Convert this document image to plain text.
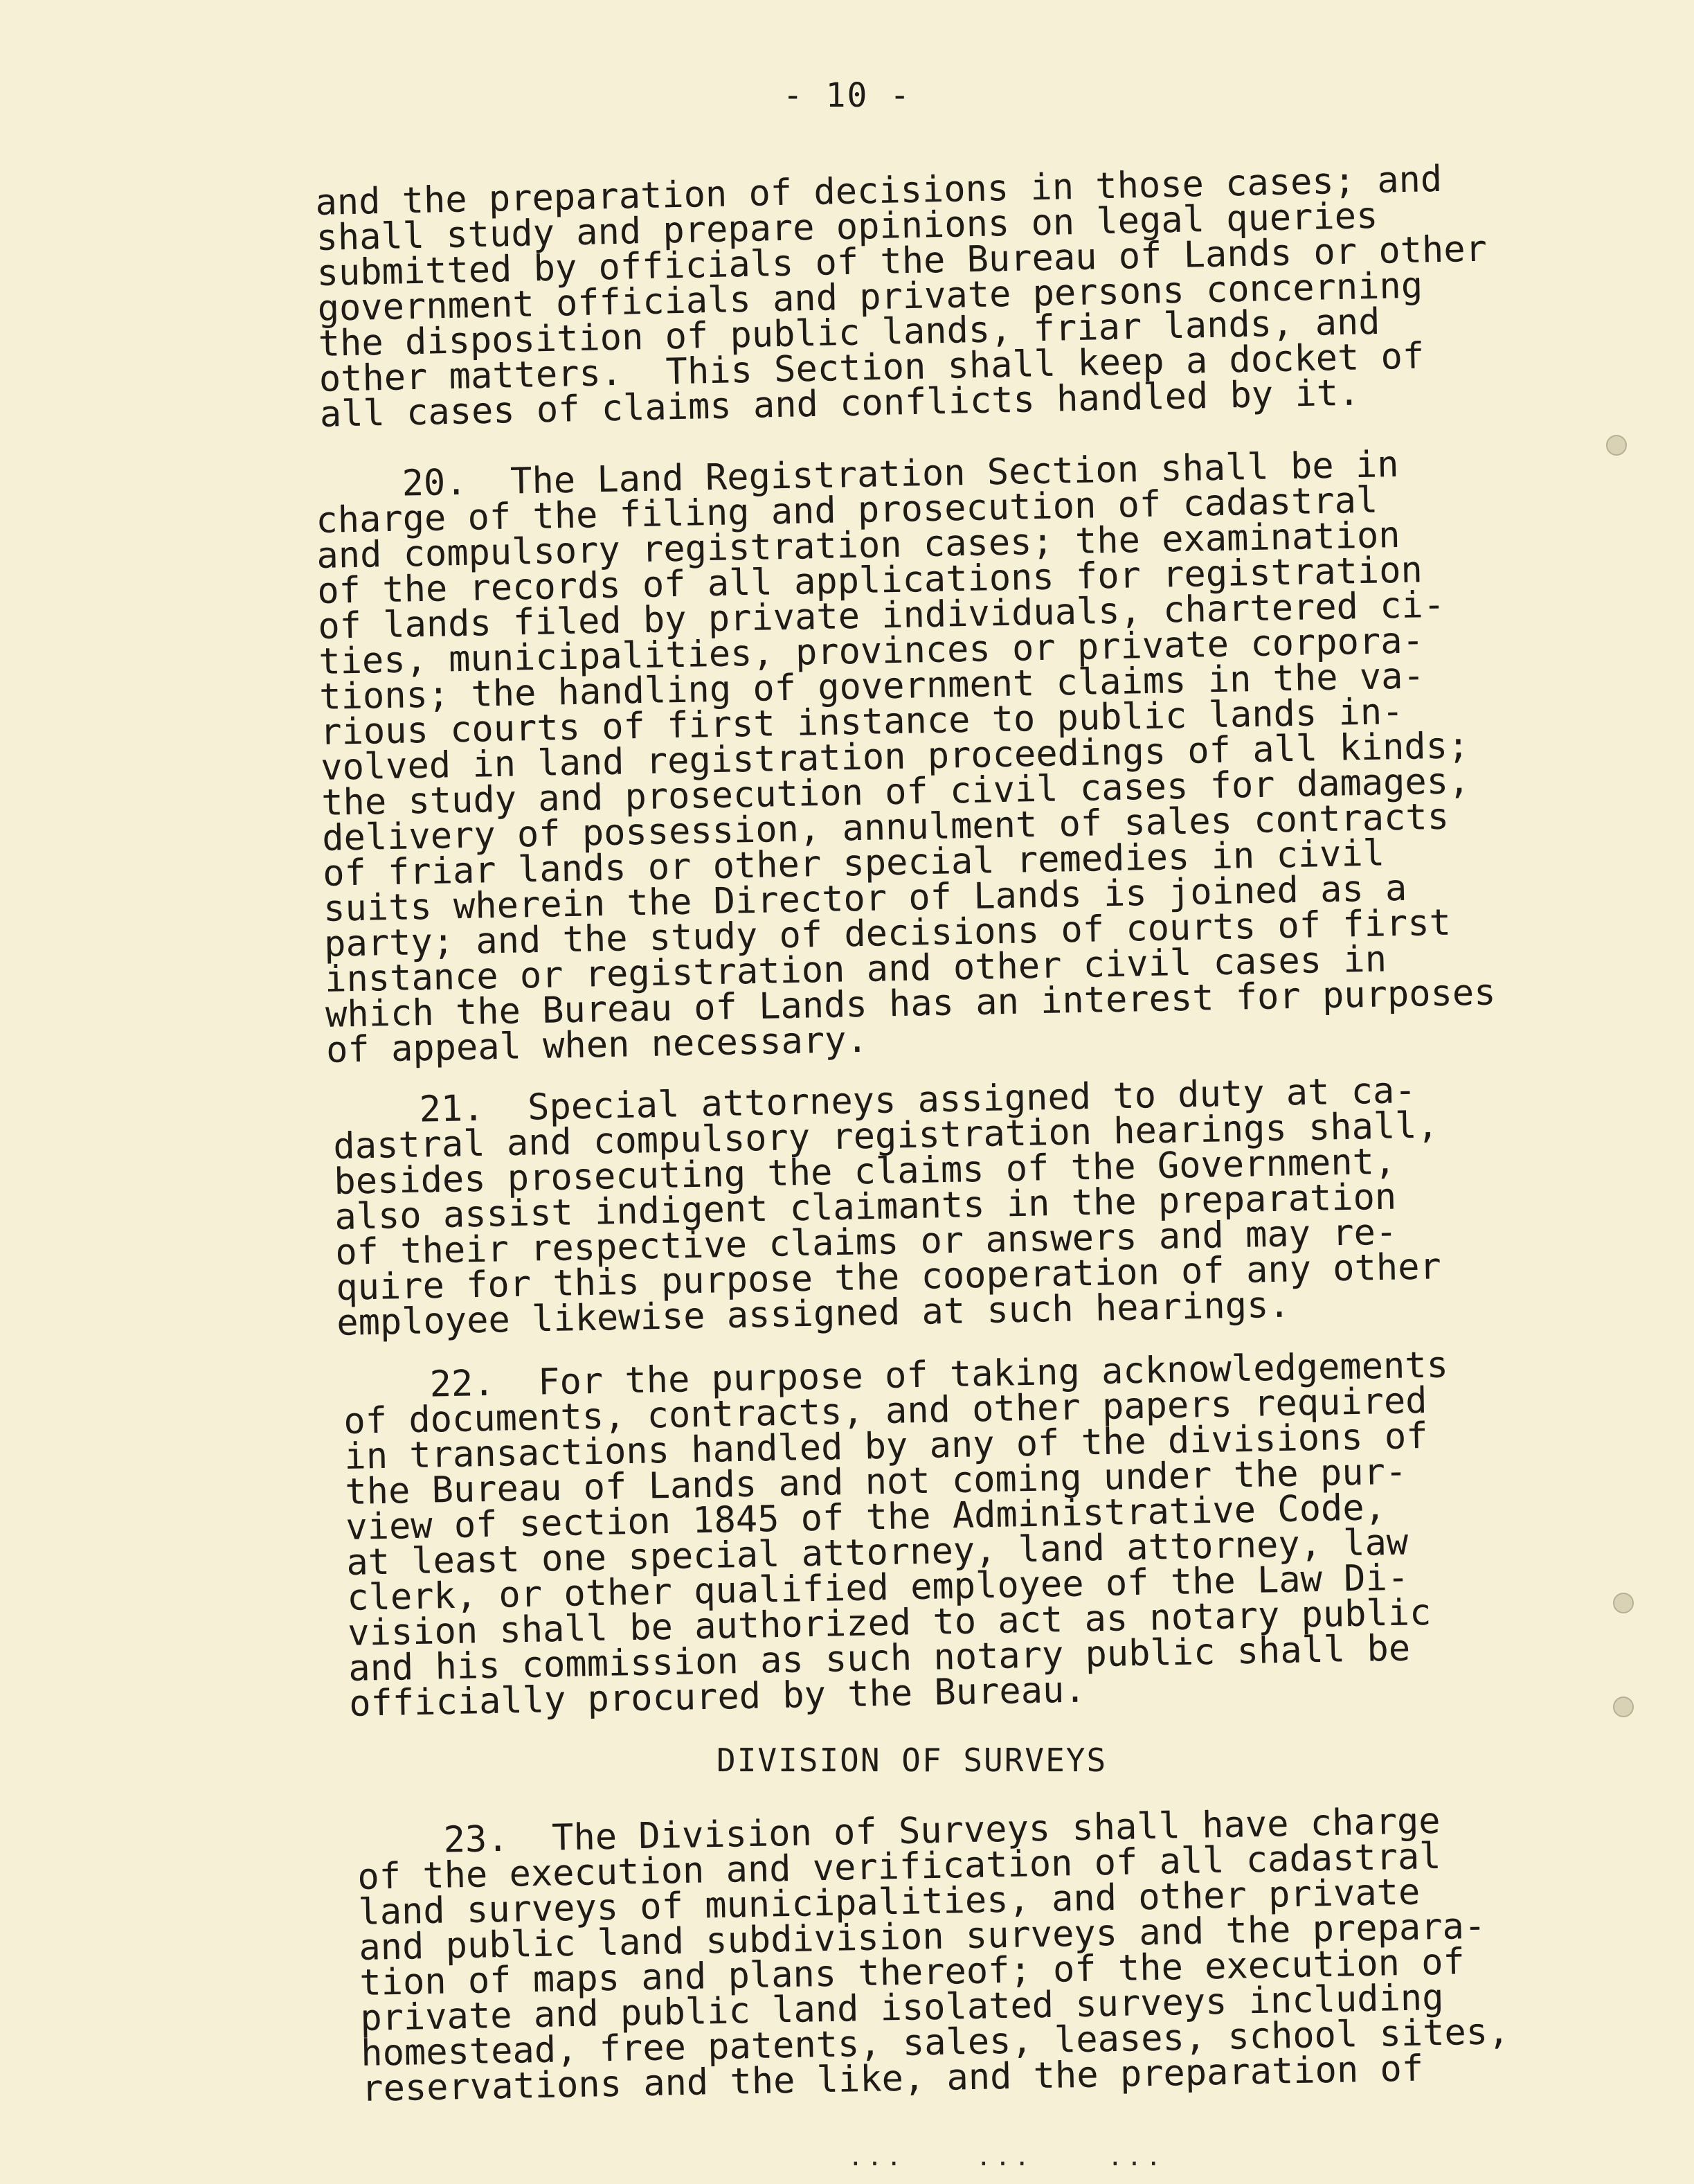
- 10 -

and the preparation of decisions in those cases; and
shall study and prepare opinions on legal queries
submitted by officials of the Bureau of Lands or other
government officials and private persons concerning
the disposition of public lands, friar lands, and
other matters.  This Section shall keep a docket of
all cases of claims and conflicts handled by it.

20.  The Land Registration Section shall be in
charge of the filing and prosecution of cadastral
and compulsory registration cases; the examination
of the records of all applications for registration
of lands filed by private individuals, chartered ci-
ties, municipalities, provinces or private corpora-
tions; the handling of government claims in the va-
rious courts of first instance to public lands in-
volved in land registration proceedings of all kinds;
the study and prosecution of civil cases for damages,
delivery of possession, annulment of sales contracts
of friar lands or other special remedies in civil
suits wherein the Director of Lands is joined as a
party; and the study of decisions of courts of first
instance or registration and other civil cases in
which the Bureau of Lands has an interest for purposes
of appeal when necessary.

21.  Special attorneys assigned to duty at ca-
dastral and compulsory registration hearings shall,
besides prosecuting the claims of the Government,
also assist indigent claimants in the preparation
of their respective claims or answers and may re-
quire for this purpose the cooperation of any other
employee likewise assigned at such hearings.

22.  For the purpose of taking acknowledgements
of documents, contracts, and other papers required
in transactions handled by any of the divisions of
the Bureau of Lands and not coming under the pur-
view of section 1845 of the Administrative Code,
at least one special attorney, land attorney, law
clerk, or other qualified employee of the Law Di-
vision shall be authorized to act as notary public
and his commission as such notary public shall be
officially procured by the Bureau.

DIVISION OF SURVEYS

23.  The Division of Surveys shall have charge
of the execution and verification of all cadastral
land surveys of municipalities, and other private
and public land subdivision surveys and the prepara-
tion of maps and plans thereof; of the execution of
private and public land isolated surveys including
homestead, free patents, sales, leases, school sites,
reservations and the like, and the preparation of

···	···	···
